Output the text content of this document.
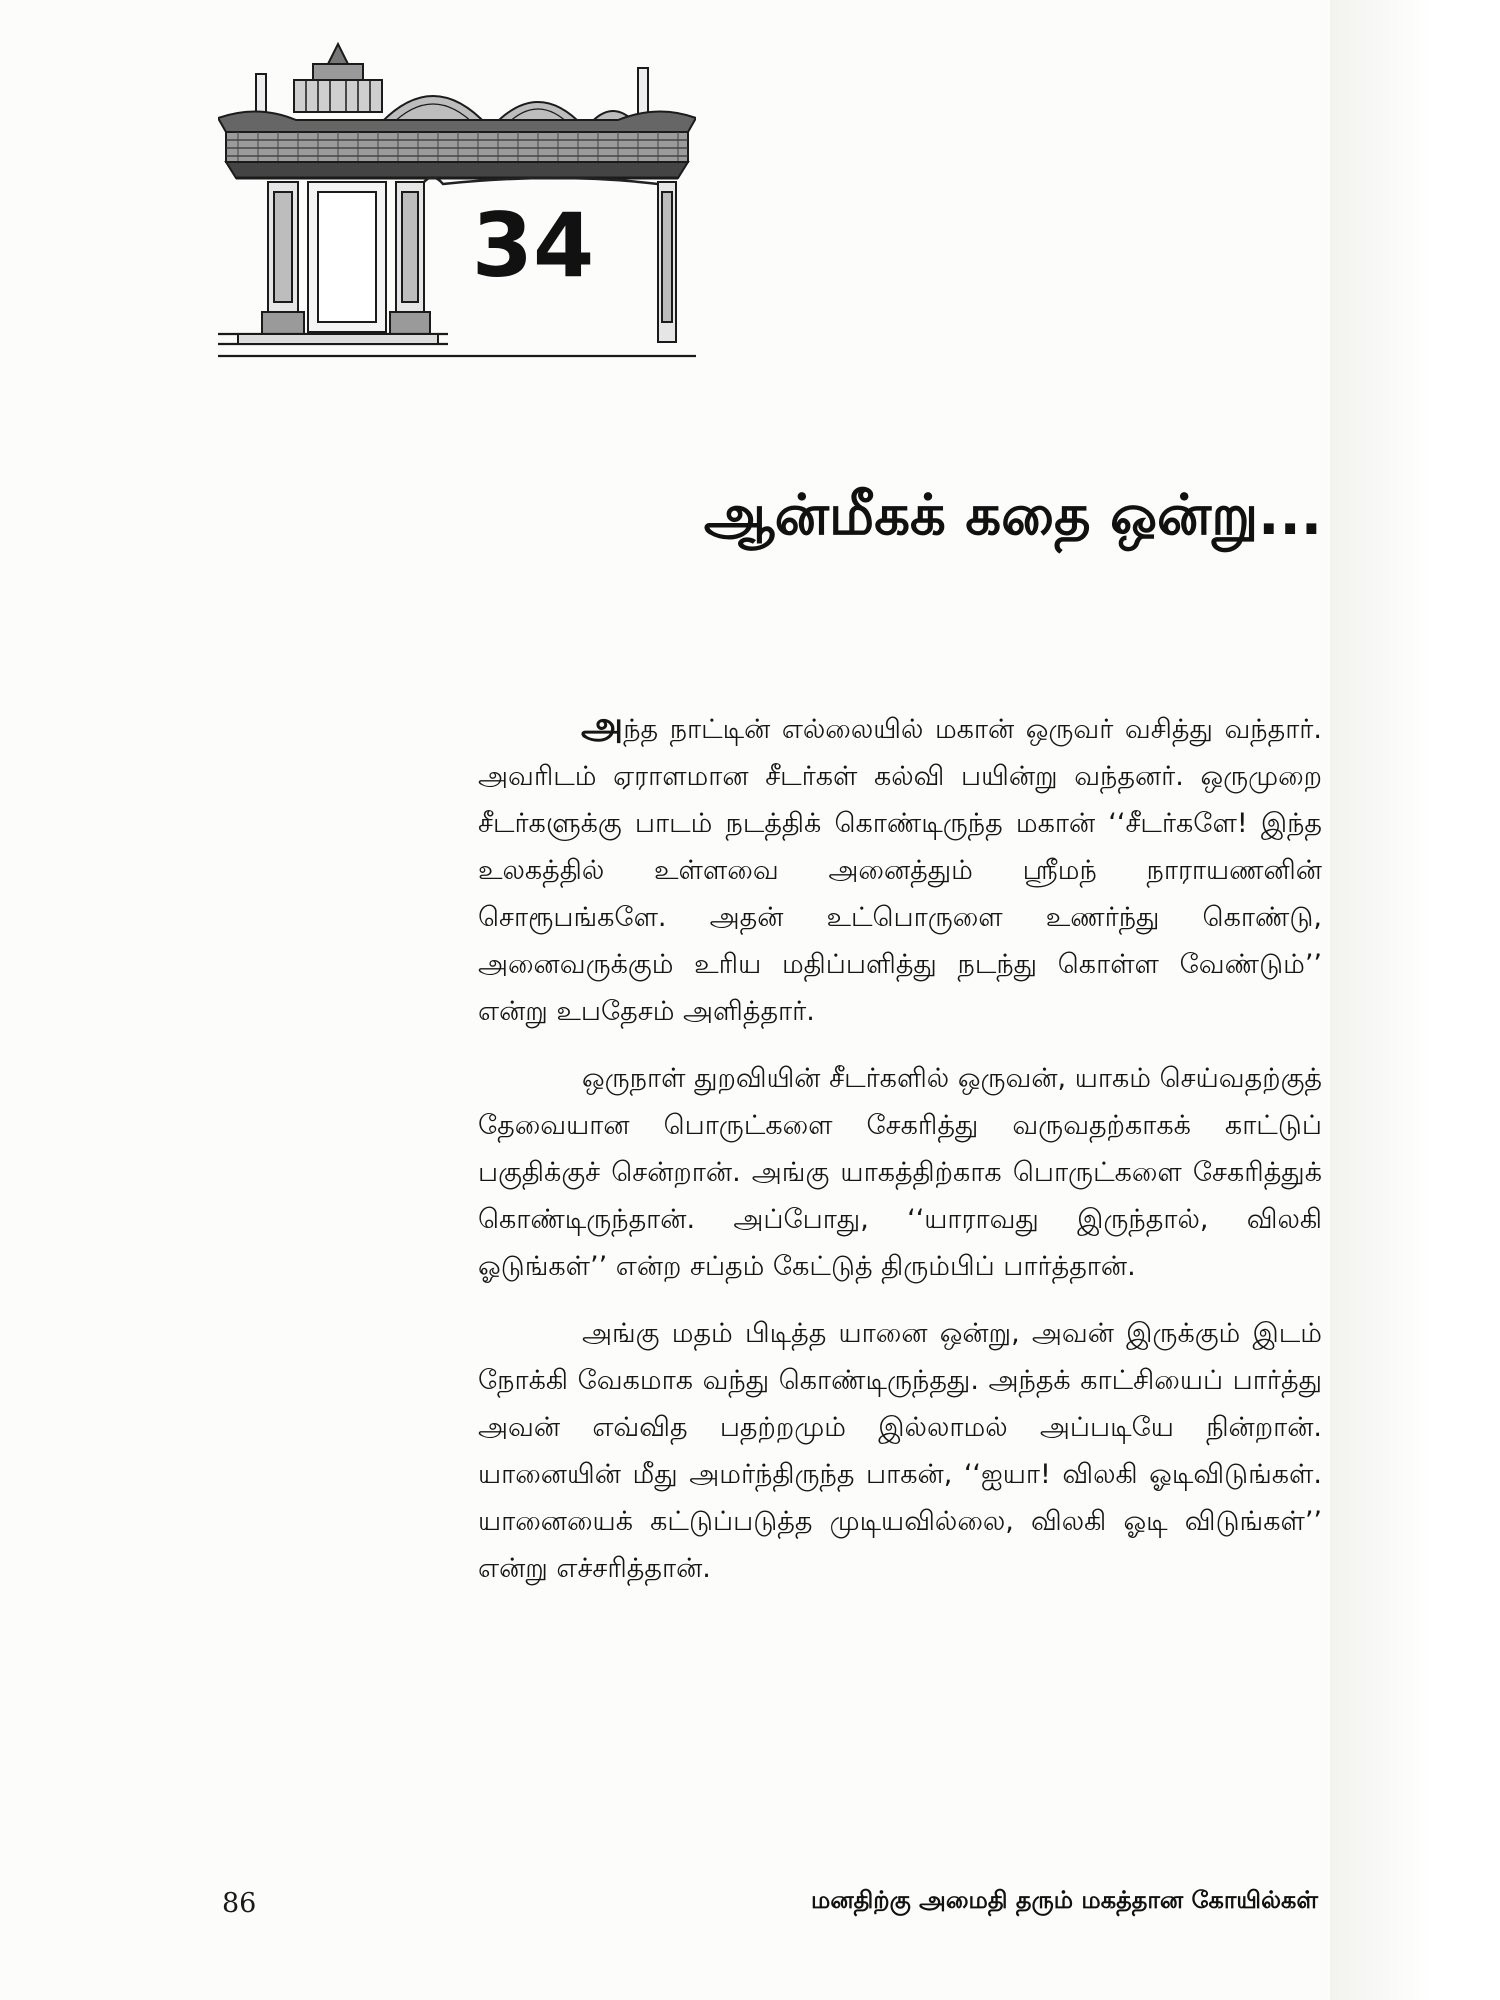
34
ஆன்மீகக் கதை ஒன்று...

அந்த நாட்டின் எல்லையில் மகான் ஒருவர் வசித்து வந்தார். அவரிடம் ஏராளமான சீடர்கள் கல்வி பயின்று வந்தனர். ஒருமுறை சீடர்களுக்கு பாடம் நடத்திக் கொண்டிருந்த மகான் ‘‘சீடர்களே! இந்த உலகத்தில் உள்ளவை அனைத்தும் ஸ்ரீமந் நாராயணனின் சொரூபங்களே. அதன் உட்பொருளை உணர்ந்து கொண்டு, அனைவருக்கும் உரிய மதிப்பளித்து நடந்து கொள்ள வேண்டும்’’ என்று உபதேசம் அளித்தார்.

ஒருநாள் துறவியின் சீடர்களில் ஒருவன், யாகம் செய்வதற்குத் தேவையான பொருட்களை சேகரித்து வருவதற்காகக் காட்டுப் பகுதிக்குச் சென்றான். அங்கு யாகத்திற்காக பொருட்களை சேகரித்துக் கொண்டிருந்தான். அப்போது, ‘‘யாராவது இருந்தால், விலகி ஓடுங்கள்’’ என்ற சப்தம் கேட்டுத் திரும்பிப் பார்த்தான்.

அங்கு மதம் பிடித்த யானை ஒன்று, அவன் இருக்கும் இடம் நோக்கி வேகமாக வந்து கொண்டிருந்தது. அந்தக் காட்சியைப் பார்த்து அவன் எவ்வித பதற்றமும் இல்லாமல் அப்படியே நின்றான். யானையின் மீது அமர்ந்திருந்த பாகன், ‘‘ஐயா! விலகி ஓடிவிடுங்கள். யானையைக் கட்டுப்படுத்த முடியவில்லை, விலகி ஓடி விடுங்கள்’’ என்று எச்சரித்தான்.

86	மனதிற்கு அமைதி தரும் மகத்தான கோயில்கள்
